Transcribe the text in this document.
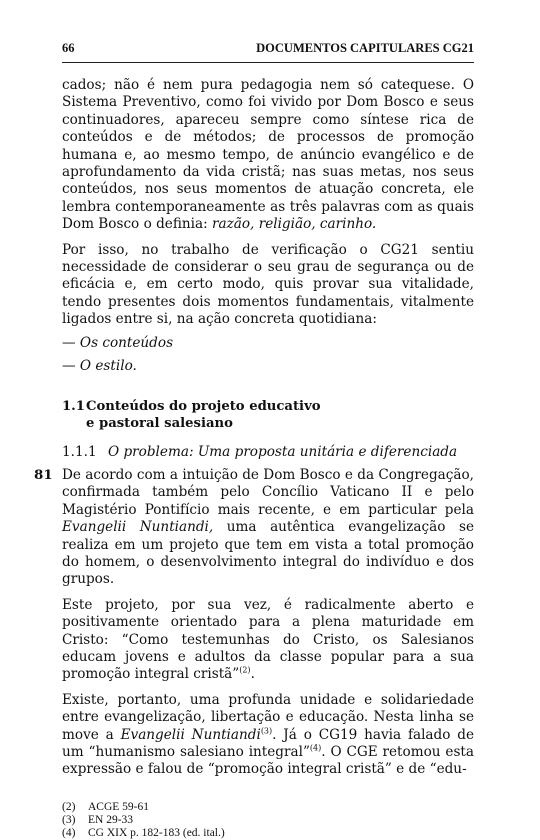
66	DOCUMENTOS CAPITULARES CG21

cados; não é nem pura pedagogia nem só catequese. O Sistema Preventivo, como foi vivido por Dom Bosco e seus continuadores, apareceu sempre como síntese rica de conteúdos e de métodos; de processos de promoção humana e, ao mesmo tempo, de anúncio evangélico e de aprofundamento da vida cristã; nas suas metas, nos seus conteúdos, nos seus momentos de atuação concreta, ele lembra contemporaneamente as três palavras com as quais Dom Bosco o definia: razão, religião, carinho.

Por isso, no trabalho de verificação o CG21 sentiu necessidade de considerar o seu grau de segurança ou de eficácia e, em certo modo, quis provar sua vitalidade, tendo presentes dois momentos fundamentais, vitalmente ligados entre si, na ação concreta quotidiana:

— Os conteúdos
— O estilo.
1.1 Conteúdos do projeto educativo
e pastoral salesiano
1.1.1 O problema: Uma proposta unitária e diferenciada
81 De acordo com a intuição de Dom Bosco e da Congregação, confirmada também pelo Concílio Vaticano II e pelo Magistério Pontifício mais recente, e em particular pela Evangelii Nuntiandi, uma autêntica evangelização se realiza em um projeto que tem em vista a total promoção do homem, o desenvolvimento integral do indivíduo e dos grupos.

Este projeto, por sua vez, é radicalmente aberto e positivamente orientado para a plena maturidade em Cristo: “Como testemunhas do Cristo, os Salesianos educam jovens e adultos da classe popular para a sua promoção integral cristã”$^{(2)}$.

Existe, portanto, uma profunda unidade e solidariedade entre evangelização, libertação e educação. Nesta linha se move a Evangelii Nuntiandi$^{(3)}$. Já o CG19 havia falado de um “humanismo salesiano integral”$^{(4)}$. O CGE retomou esta expressão e falou de “promoção integral cristã” e de “edu-

(2)	ACGE 59-61
(3)	EN 29-33
(4)	CG XIX p. 182-183 (ed. ital.)
